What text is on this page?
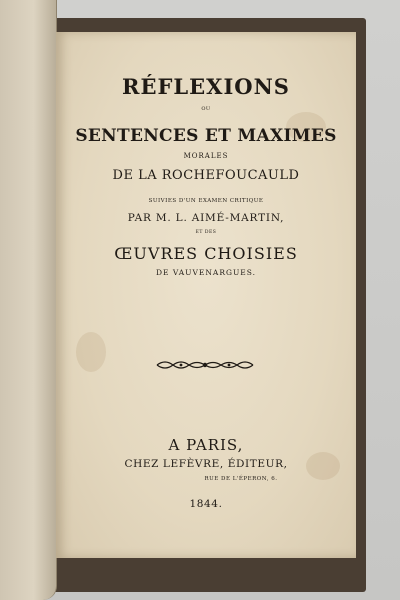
RÉFLEXIONS
OU
SENTENCES ET MAXIMES
MORALES
DE LA ROCHEFOUCAULD
SUIVIES D'UN EXAMEN CRITIQUE
PAR M. L. AIMÉ-MARTIN,
ET DES
ŒUVRES CHOISIES
DE VAUVENARGUES.
A PARIS,
CHEZ LEFÈVRE, ÉDITEUR,
RUE DE L'ÉPERON, 6.
1844.
